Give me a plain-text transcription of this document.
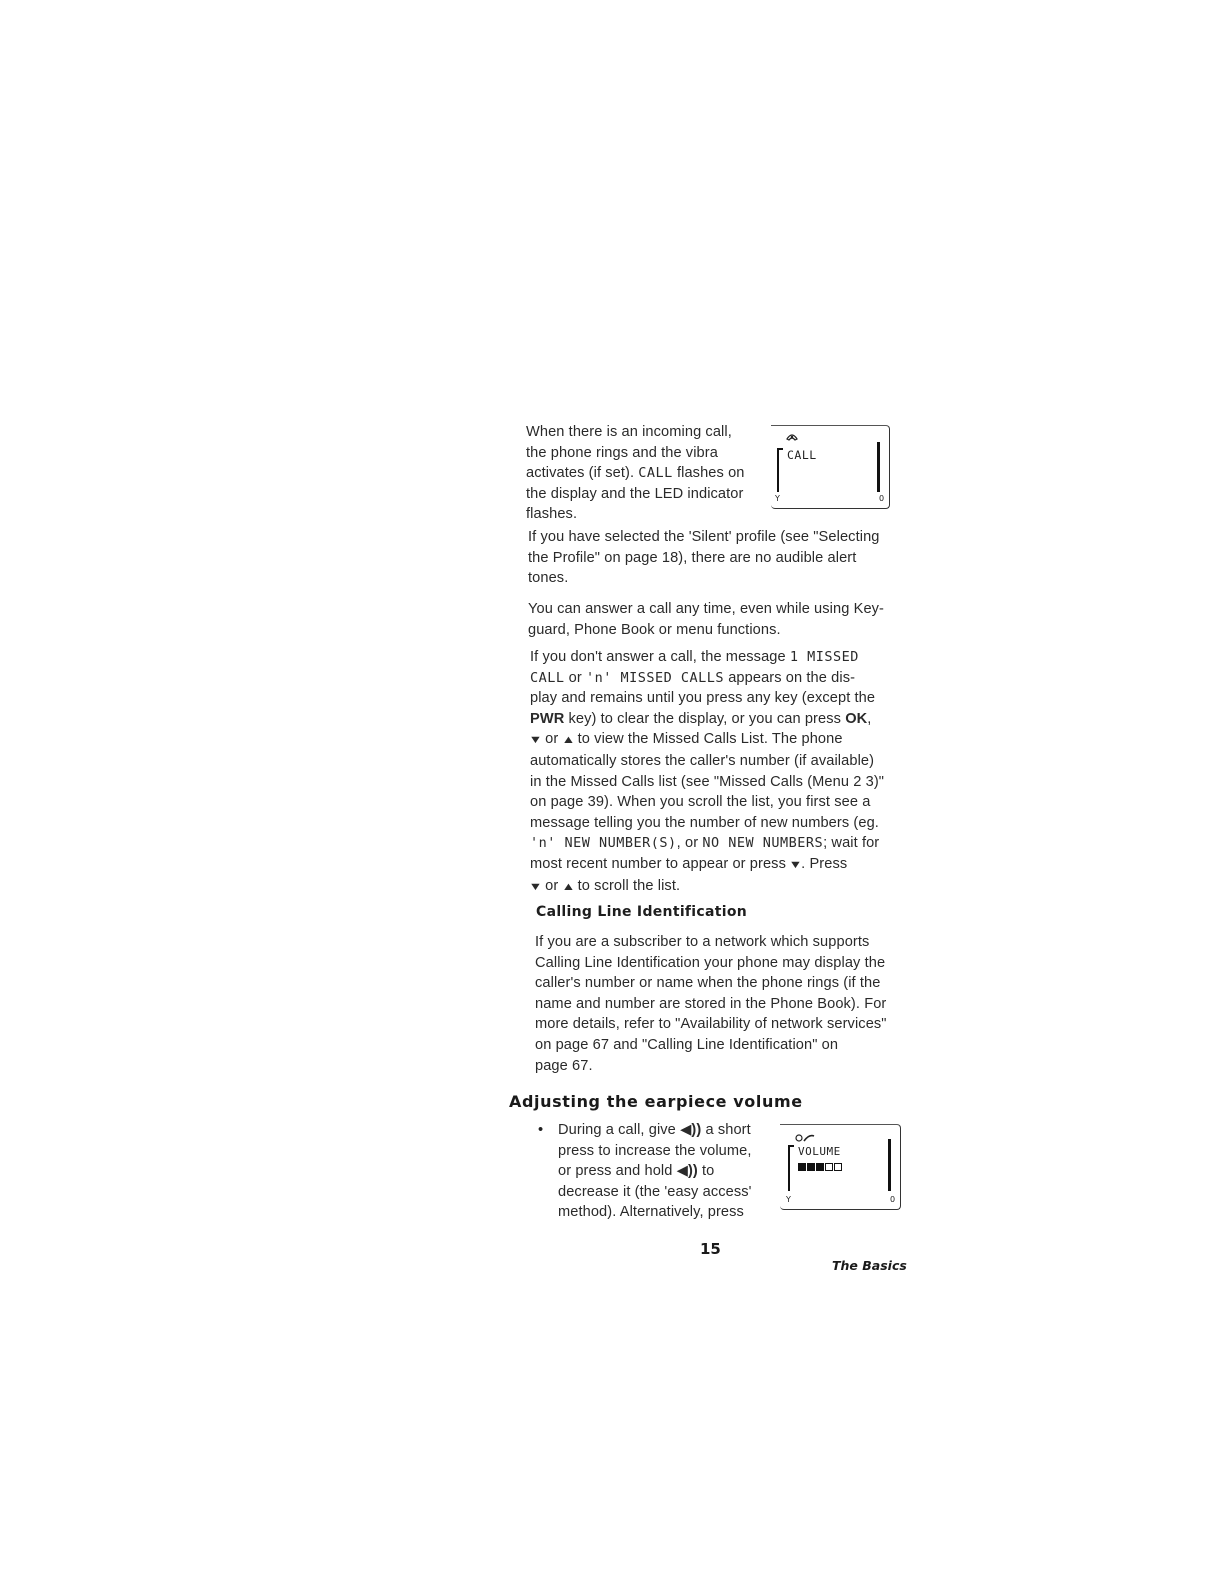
When there is an incoming call,
the phone rings and the vibra
activates (if set). CALL flashes on
the display and the LED indicator
flashes.

CALL
Y	0

If you have selected the 'Silent' profile (see "Selecting
the Profile" on page 18), there are no audible alert
tones.

You can answer a call any time, even while using Key-
guard, Phone Book or menu functions.

If you don't answer a call, the message 1 MISSED
CALL or 'n' MISSED CALLS appears on the dis-
play and remains until you press any key (except the
PWR key) to clear the display, or you can press OK,
▼ or ▲ to view the Missed Calls List. The phone
automatically stores the caller's number (if available)
in the Missed Calls list (see "Missed Calls (Menu 2 3)"
on page 39). When you scroll the list, you first see a
message telling you the number of new numbers (eg.
'n' NEW NUMBER(S), or NO NEW NUMBERS; wait for
most recent number to appear or press ▼. Press
▼ or ▲ to scroll the list.

Calling Line Identification

If you are a subscriber to a network which supports
Calling Line Identification your phone may display the
caller's number or name when the phone rings (if the
name and number are stored in the Phone Book). For
more details, refer to "Availability of network services"
on page 67 and "Calling Line Identification" on
page 67.

Adjusting the earpiece volume
• During a call, give ◀)) a short
press to increase the volume,
or press and hold ◀)) to
decrease it (the 'easy access'
method). Alternatively, press

VOLUME
Y	0
15
The Basics
